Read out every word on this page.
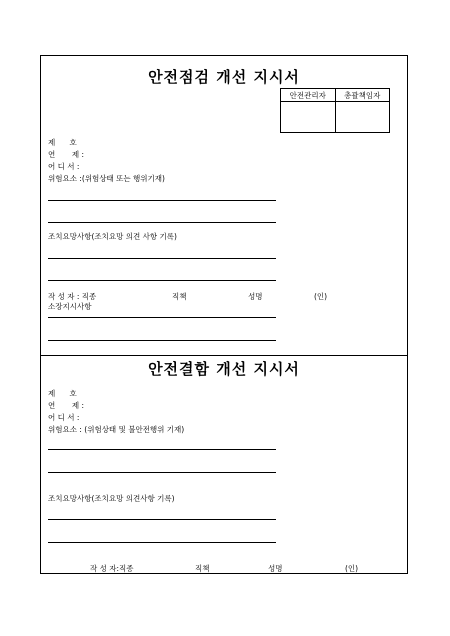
안전점검 개선 지시서
안전관리자	총괄책임자

제      호
연       제 :
어 디 서 :
위험요소 :(위험상태 또는 행위기재)
조치요망사항(조치요망 의견 사항 기록)
작 성 자 : 직종	직책	성명	(인)
소장지시사항
안전결함 개선 지시서
제      호
연       제 :
어 디 서 :
위험요소 : (위험상태 및 불안전행위 기재)
조치요망사항(조치요망 의견사항 기록)
작 성 자:직종	직책	성명	(인)
